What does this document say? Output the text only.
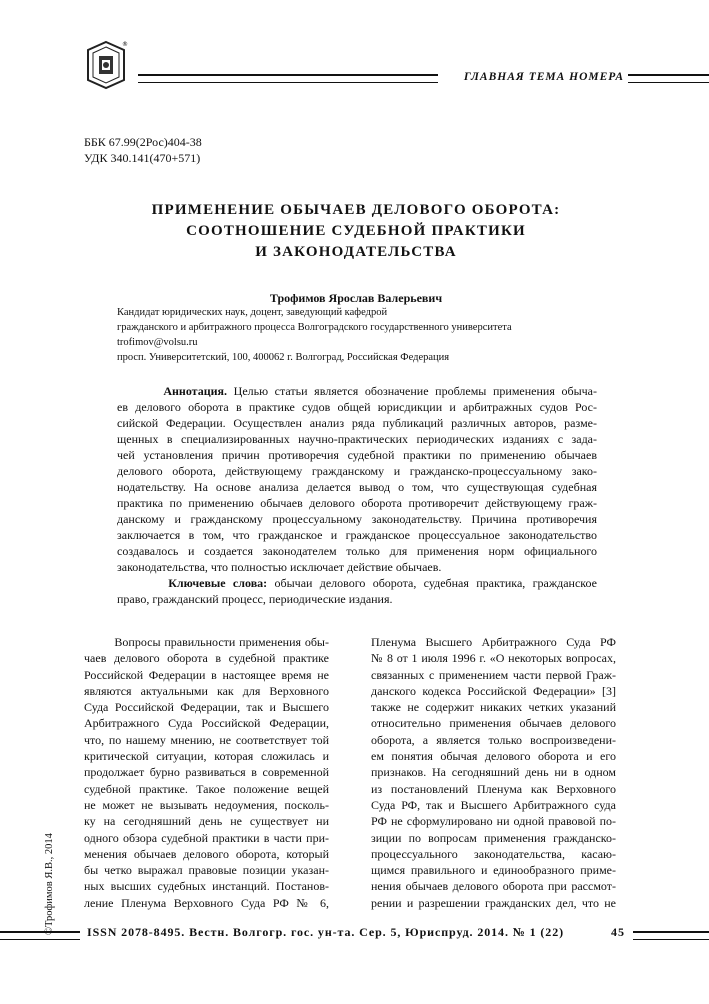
®
ГЛАВНАЯ ТЕМА НОМЕРА
ББК 67.99(2Рос)404-38
УДК 340.141(470+571)
ПРИМЕНЕНИЕ ОБЫЧАЕВ ДЕЛОВОГО ОБОРОТА:
СООТНОШЕНИЕ СУДЕБНОЙ ПРАКТИКИ
И ЗАКОНОДАТЕЛЬСТВА
Трофимов Ярослав Валерьевич
Кандидат юридических наук, доцент, заведующий кафедрой
гражданского и арбитражного процесса Волгоградского государственного университета
trofimov@volsu.ru
просп. Университетский, 100, 400062 г. Волгоград, Российская Федерация
Аннотация. Целью статьи является обозначение проблемы применения обыча-
ев делового оборота в практике судов общей юрисдикции и арбитражных судов Рос-
сийской Федерации. Осуществлен анализ ряда публикаций различных авторов, разме-
щенных в специализированных научно-практических периодических изданиях с зада-
чей установления причин противоречия судебной практики по применению обычаев
делового оборота, действующему гражданскому и гражданско-процессуальному зако-
нодательству. На основе анализа делается вывод о том, что существующая судебная
практика по применению обычаев делового оборота противоречит действующему граж-
данскому и гражданскому процессуальному законодательству. Причина противоречия
заключается в том, что гражданское и гражданское процессуальное законодательство
создавалось и создается законодателем только для применения норм официального
законодательства, что полностью исключает действие обычаев.
Ключевые слова: обычаи делового оборота, судебная практика, гражданское
право, гражданский процесс, периодические издания.
Вопросы правильности применения обы-
чаев делового оборота в судебной практике
Российской Федерации в настоящее время не
являются актуальными как для Верховного
Суда Российской Федерации, так и Высшего
Арбитражного Суда Российской Федерации,
что, по нашему мнению, не соответствует той
критической ситуации, которая сложилась и
продолжает бурно развиваться в современной
судебной практике. Такое положение вещей
не может не вызывать недоумения, посколь-
ку на сегодняшний день не существует ни
одного обзора судебной практики в части при-
менения обычаев делового оборота, который
бы четко выражал правовые позиции указан-
ных высших судебных инстанций. Постанов-
ление Пленума Верховного Суда РФ № 6,
Пленума Высшего Арбитражного Суда РФ
№ 8 от 1 июля 1996 г. «О некоторых вопросах,
связанных с применением части первой Граж-
данского кодекса Российской Федерации» [3]
также не содержит никаких четких указаний
относительно применения обычаев делового
оборота, а является только воспроизведени-
ем понятия обычая делового оборота и его
признаков. На сегодняшний день ни в одном
из постановлений Пленума как Верховного
Суда РФ, так и Высшего Арбитражного суда
РФ не сформулировано ни одной правовой по-
зиции по вопросам применения гражданско-
процессуального законодательства, касаю-
щимся правильного и единообразного приме-
нения обычаев делового оборота при рассмот-
рении и разрешении гражданских дел, что не
©Трофимов Я.В., 2014	ISSN 2078-8495. Вестн. Волгогр. гос. ун-та. Сер. 5, Юриспруд. 2014. № 1 (22)	45
